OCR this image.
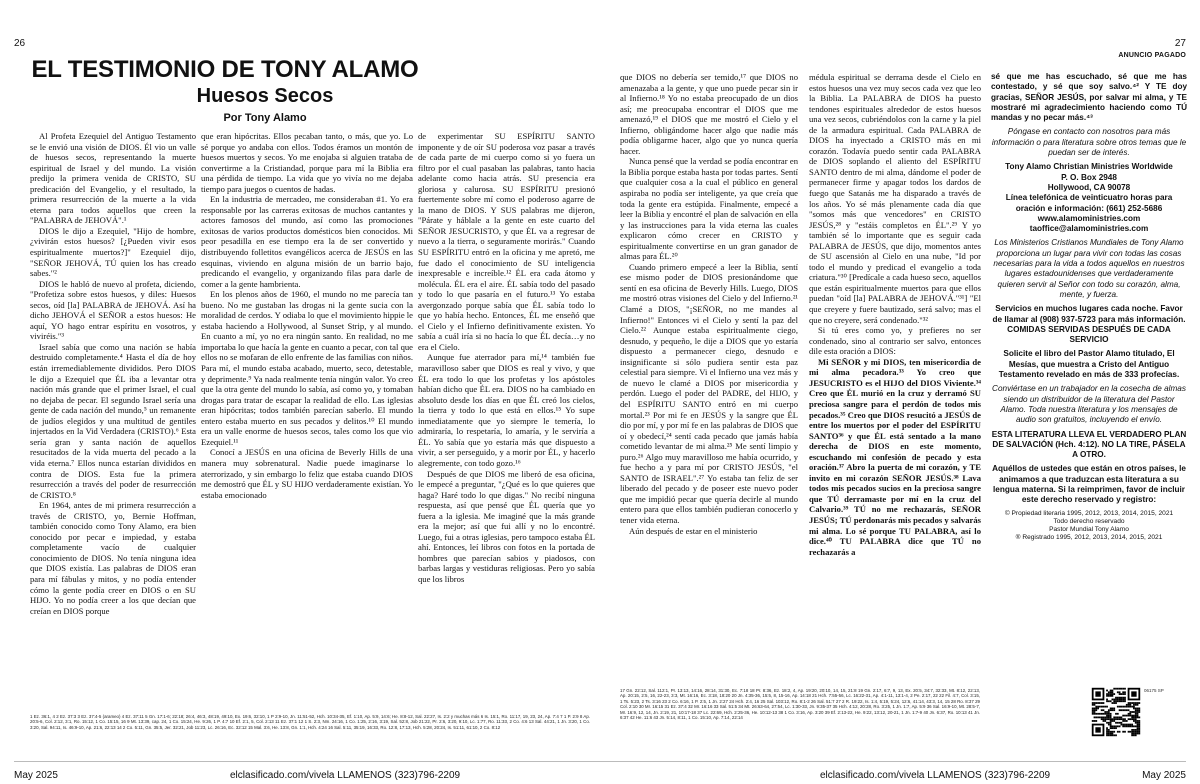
26	27
ANUNCIO PAGADO
EL TESTIMONIO DE TONY ALAMO
Huesos Secos
Por Tony Alamo

Al Profeta Ezequiel del Antiguo Testamento se le envió una visión de DIOS. Él vio un valle de huesos secos, representando la muerte espiritual de Israel y del mundo. La visión predijo la primera venida de CRISTO, SU predicación del Evangelio, y el resultado, la primera resurrección de la muerte a la vida eterna para todos aquellos que creen la "PALABRA de JEHOVÁ".¹

DIOS le dijo a Ezequiel, "Hijo de hombre, ¿vivirán estos huesos? [¿Pueden vivir esos espiritualmente muertos?]" Ezequiel dijo, "SEÑOR JEHOVÁ, TÚ quien los has creado sabes."²

DIOS le habló de nuevo al profeta, diciendo, "Profetiza sobre estos huesos, y diles: Huesos secos, oíd [la] PALABRA de JEHOVÁ. Así ha dicho JEHOVÁ el SEÑOR a estos huesos: He aquí, YO hago entrar espíritu en vosotros, y viviréis."³

Israel sabía que como una nación se había destruido completamente.⁴ Hasta el día de hoy están irremediablemente divididos. Pero DIOS le dijo a Ezequiel que ÉL iba a levantar otra nación más grande que el primer Israel, el cual no dejaba de pecar. El segundo Israel sería una gente de cada nación del mundo,⁵ un remanente de judíos elegidos y una multitud de gentiles injertados en la Vid Verdadera (CRISTO).⁶ Esta sería gran y santa nación de aquellos resucitados de la vida muerta del pecado a la vida eterna.⁷ Ellos nunca estarían divididos en contra de DIOS. Esta fue la primera resurrección a través del poder de resurrección de CRISTO.⁸

En 1964, antes de mi primera resurrección a través de CRISTO, yo, Bernie Hoffman, también conocido como Tony Alamo, era bien conocido por pecar e impiedad, y estaba completamente vacío de cualquier conocimiento de DIOS. No tenía ninguna idea que DIOS existía. Las palabras de DIOS eran para mí fábulas y mitos, y no podía entender cómo la gente podía creer en DIOS o en SU HIJO. Yo no podía creer a los que decían que creían en DIOS porque

que eran hipócritas. Ellos pecaban tanto, o más, que yo. Lo sé porque yo andaba con ellos. Todos éramos un montón de huesos muertos y secos. Yo me enojaba si alguien trataba de convertirme a la Cristiandad, porque para mí la Biblia era una pérdida de tiempo. La vida que yo vivía no me dejaba tiempo para juegos o cuentos de hadas.

En la industria de mercadeo, me consideraban #1. Yo era responsable por las carreras exitosas de muchos cantantes y actores famosos del mundo, así como las promociones exitosas de varios productos domésticos bien conocidos. Mi peor pesadilla en ese tiempo era la de ser convertido y distribuyendo folletitos evangélicos acerca de JESÚS en las esquinas, viviendo en alguna misión de un barrio bajo, predicando el evangelio, y organizando filas para darle de comer a la gente hambrienta.

En los plenos años de 1960, el mundo no me parecía tan bueno. No me gustaban las drogas ni la gente sucia con la moralidad de cerdos. Y odiaba lo que el movimiento hippie le estaba haciendo a Hollywood, al Sunset Strip, y al mundo. En cuanto a mí, yo no era ningún santo. En realidad, no me importaba lo que hacía la gente en cuanto a pecar, con tal que ellos no se mofaran de ello enfrente de las familias con niños. Para mí, el mundo estaba acabado, muerto, seco, detestable, y deprimente.⁹ Ya nada realmente tenía ningún valor. Yo creo que la otra gente del mundo lo sabía, así como yo, y tomaban drogas para tratar de escapar la realidad de ello. Las iglesias eran hipócritas; todos también parecían saberlo. El mundo entero estaba muerto en sus pecados y delitos.¹⁰ El mundo era un valle enorme de huesos secos, tales como los que vio Ezequiel.¹¹

Conocí a JESÚS en una oficina de Beverly Hills de una manera muy sobrenatural. Nadie puede imaginarse lo aterrorizado, y sin embargo lo feliz que estaba cuando DIOS me demostró que ÉL y SU HIJO verdaderamente existían. Yo estaba emocionado

de experimentar SU ESPÍRITU SANTO imponente y de oír SU poderosa voz pasar a través de cada parte de mi cuerpo como si yo fuera un filtro por el cual pasaban las palabras, tanto hacia adelante como hacia atrás. SU presencia era gloriosa y calurosa. SU ESPÍRITU presionó fuertemente sobre mí como el poderoso agarre de la mano de DIOS. Y SUS palabras me dijeron, "Párate y háblale a la gente en este cuarto del SEÑOR JESUCRISTO, y que ÉL va a regresar de nuevo a la tierra, o seguramente morirás." Cuando SU ESPÍRITU entró en la oficina y me apretó, me fue dado el conocimiento de SU inteligencia inexpresable e increíble.¹² ÉL era cada átomo y molécula. ÉL era el aire. ÉL sabía todo del pasado y todo lo que pasaría en el futuro.¹³ Yo estaba avergonzado porque sabía que ÉL sabía todo lo que yo había hecho. Entonces, ÉL me enseñó que el Cielo y el Infierno definitivamente existen. Yo sabía a cuál iría si no hacía lo que ÉL decía…y no era el Cielo.

Aunque fue aterrador para mí,¹⁴ también fue maravilloso saber que DIOS es real y vivo, y que ÉL era todo lo que los profetas y los apóstoles habían dicho que ÉL era. DIOS no ha cambiado en absoluto desde los días en que ÉL creó los cielos, la tierra y todo lo que está en ellos.¹⁵ Yo supe inmediatamente que yo siempre le temería, lo admiraría, lo respetaría, lo amaría, y le serviría a ÉL. Yo sabía que yo estaría más que dispuesto a vivir, a ser perseguido, y a morir por ÉL, y hacerlo alegremente, con todo gozo.¹⁶

Después de que DIOS me liberó de esa oficina, le empecé a preguntar, "¿Qué es lo que quieres que haga? Haré todo lo que digas." No recibí ninguna respuesta, así que pensé que ÉL quería que yo fuera a la iglesia. Me imaginé que la más grande era la mejor; así que fui allí y no lo encontré. Luego, fui a otras iglesias, pero tampoco estaba ÉL ahí. Entonces, leí libros con fotos en la portada de hombres que parecían sabios y piadosos, con barbas largas y vestiduras religiosas. Pero yo sabía que los libros

que DIOS no debería ser temido,¹⁷ que DIOS no amenazaba a la gente, y que uno puede pecar sin ir al Infierno.¹⁸ Yo no estaba preocupado de un dios así; me preocupaba encontrar el DIOS que me amenazó,¹⁹ el DIOS que me mostró el Cielo y el Infierno, obligándome hacer algo que nadie más podía obligarme hacer, algo que yo nunca quería hacer.

Nunca pensé que la verdad se podía encontrar en la Biblia porque estaba hasta por todas partes. Sentí que cualquier cosa a la cual el público en general aspiraba no podía ser inteligente, ya que creía que toda la gente era estúpida. Finalmente, empecé a leer la Biblia y encontré el plan de salvación en ella y las instrucciones para la vida eterna las cuales explicaron cómo crecer en CRISTO y espiritualmente convertirse en un gran ganador de almas para ÉL.²⁰

Cuando primero empecé a leer la Biblia, sentí ese mismo poder de DIOS presionándome que sentí en esa oficina de Beverly Hills. Luego, DIOS me mostró otras visiones del Cielo y del Infierno.²¹ Clamé a DIOS, "¡SEÑOR, no me mandes al Infierno!" Entonces vi el Cielo y sentí la paz del Cielo.²² Aunque estaba espiritualmente ciego, desnudo, y pequeño, le dije a DIOS que yo estaría dispuesto a permanecer ciego, desnudo e insignificante si sólo pudiera sentir esta paz celestial para siempre. Vi el Infierno una vez más y de nuevo le clamé a DIOS por misericordia y perdón. Luego el poder del PADRE, del HIJO, y del ESPÍRITU SANTO entró en mi cuerpo mortal.²³ Por mi fe en JESÚS y la sangre que ÉL dio por mí, y por mí fe en las palabras de DIOS que oí y obedecí,²⁴ sentí cada pecado que jamás había cometido levantar de mi alma.²⁵ Me sentí limpio y puro.²⁶ Algo muy maravilloso me había ocurrido, y fue hecho a y para mí por CRISTO JESÚS, "el SANTO de ISRAEL".²⁷ Yo estaba tan feliz de ser liberado del pecado y de poseer este nuevo poder que me impidió pecar que quería decirle al mundo entero para que ellos también pudieran conocerlo y tener vida eterna.

Aún después de estar en el ministerio

médula espiritual se derrama desde el Cielo en estos huesos una vez muy secos cada vez que leo la Biblia. La PALABRA de DIOS ha puesto tendones espirituales alrededor de estos huesos una vez secos, cubriéndolos con la carne y la piel de la armadura espiritual. Cada PALABRA de DIOS ha inyectado a CRISTO más en mi corazón. Todavía puedo sentir cada PALABRA de DIOS soplando el aliento del ESPÍRITU SANTO dentro de mi alma, dándome el poder de permanecer firme y apagar todos los dardos de fuego que Satanás me ha disparado a través de los años. Yo sé más plenamente cada día que "somos más que vencedores" en CRISTO JESÚS,²⁸ y "estáis completos en ÉL".²⁹ Y yo también sé lo importante que es seguir cada PALABRA de JESÚS, que dijo, momentos antes de SU ascensión al Cielo en una nube, "Id por todo el mundo y predicad el evangelio a toda criatura."³⁰ [Predícale a cada hueso seco, aquellos que están espiritualmente muertos para que ellos puedan "oíd [la] PALABRA de JEHOVÁ."³¹] "El que creyere y fuere bautizado, será salvo; mas el que no creyere, será condenado."³²

Si tú eres como yo, y prefieres no ser condenado, sino al contrario ser salvo, entonces dile esta oración a DIOS:

Mi SEÑOR y mi DIOS, ten misericordia de mi alma pecadora.³³ Yo creo que JESUCRISTO es el HIJO del DIOS Viviente.³⁴ Creo que ÉL murió en la cruz y derramó SU preciosa sangre para el perdón de todos mis pecados.³⁵ Creo que DIOS resucitó a JESÚS de entre los muertos por el poder del ESPÍRITU SANTO³⁶ y que ÉL está sentado a la mano derecha de DIOS en este momento, escuchando mi confesión de pecado y esta oración.³⁷ Abro la puerta de mi corazón, y TE invito en mi corazón SEÑOR JESÚS.³⁸ Lava todos mis pecados sucios en la preciosa sangre que TÚ derramaste por mí en la cruz del Calvario.³⁹ TÚ no me rechazarás, SEÑOR JESÚS; TÚ perdonarás mis pecados y salvarás mi alma. Lo sé porque TU PALABRA, así lo dice.⁴⁰ TU PALABRA dice que TÚ no rechazarás a

sé que me has escuchado, sé que me has contestado, y sé que soy salvo.⁴² Y TE doy gracias, SEÑOR JESÚS, por salvar mi alma, y TE mostraré mi agradecimiento haciendo como TÚ mandas y no pecar más.⁴³

Póngase en contacto con nosotros para más información o para literatura sobre otros temas que le puedan ser de interés.

Tony Alamo Christian Ministries Worldwide

P. O. Box 2948

Hollywood, CA 90078

Línea telefónica de veinticuatro horas para oración e información: (661) 252-5686

www.alamoministries.com

taoffice@alamoministries.com

Los Ministerios Cristianos Mundiales de Tony Alamo proporciona un lugar para vivir con todas las cosas necesarias para la vida a todos aquellos en nuestros lugares estadounidenses que verdaderamente quieren servir al Señor con todo su corazón, alma, mente, y fuerza.

Servicios en muchos lugares cada noche. Favor de llamar al (908) 937-5723 para más información. COMIDAS SERVIDAS DESPUÉS DE CADA SERVICIO

Solicite el libro del Pastor Alamo titulado, El Mesías, que muestra a Cristo del Antiguo Testamento revelado en más de 333 profecías.

Conviértase en un trabajador en la cosecha de almas siendo un distribuidor de la literatura del Pastor Alamo. Toda nuestra literatura y los mensajes de audio son gratuitos, incluyendo el envío.

ESTA LITERATURA LLEVA EL VERDADERO PLAN DE SALVACIÓN (Hch. 4:12). NO LA TIRE, PÁSELA A OTRO.

Aquéllos de ustedes que están en otros países, le animamos a que traduzcan esta literatura a su lengua materna. Si la reimprimen, favor de incluir este derecho reservado y registro:

© Propiedad literaria 1995, 2012, 2013, 2014, 2015, 2021

Todo derecho reservado

Pastor Mundial Tony Alamo

® Registrado 1995, 2012, 2013, 2014, 2015, 2021

1 Ez. 36:1, 4 2 Ez. 37:3 3 Ez. 37:4-5 (arameo) 4 Ez. 37:11 5 Gn. 17:1-6; 22:18; 26:4, 46:3, 48:19, 49:10, Ex. 19:6, 32:10, 1 P 2:9-10, Jn. 11:51-52, Hch. 10:34-35, Ef. 1:10, Ap. 5:9, 14:6; He. 8:8-12, Sal. 22:27, Is. 2:2 y muchas más 6 Is. 15:1, Ro. 11:17, 19, 23, 24, Ap. 7:4 7 1 P. 2:9 8 Ap. 20:5-6, Col. 2:12, 3:1, Ro. 15:12, 1 Co. 15:15, 16 9 Mt. 13:39, cap. 24, 1 Co. 15:24, He. 9:26, 1 P. 4:7 10 Ef. 2:1, 5, Col. 2:13 11 Ez. 37:1 12 1 S. 2:3, Nm. 24:16, 1 Co. 1:25, 2:16, 3:19, Sal. 52:8, Job 21:22, Pr. 2:6, 3:20, 9:10, Lc. 1:77, Ro. 11:33, 2 Co. 4:6 13 Sal. 44:21, 1 Jn. 3:20, 1 Co. 3:20, Sal. 94:11, Is. 46:9-10, Ap. 21:6, 22:13 14 2 Co. 5:11, Gn. 35:5, Jer. 32:21, Job 11:23, Lc. 26:16, Ec. 32:12 15 Mal. 3:6, He. 13:8, Gn. 1:1, Hch. 4:24 16 Sal. 5:11, 35:19, 16:33, Ro. 12:8, 17:13, Hch. 5:28, 20:24, Is. 51:11, 61:10, 2 Co. 8:12
17 Gn. 22:12, Sal. 112:1, Pr. 13:13, 14:16, 28:14, 31:30, Ec. 7:18 18 Pr. 8:36, Ez. 18:2, 4, Ap. 19:20, 20:10, 14, 15, 21:8 19 Gn. 2:17, 6:7, 9, 13, Ex. 20:5, 34:7, 32:33, Mt. 8:12, 22:13, Ap. 20:15, 2:5, 16, 22-23, 3:3, Mt. 16:16, Ec. 3:18, 18:20 20 Jn. 4:35-36, 15:5, 8, 15-16, Ap. 14:18 21 Hch. 7:55-56, Lc. 16:22-31, Ap. 4:1-11, 13:1-4, 2 Pe. 2:17, 22 22 Fil. 4:7, Col. 3:15, 1 Ts. 5:23, 2 Ts. 3:16 23 2 Co. 6:16, 1 P. 2:5, 1 Jn. 2:27 24 Hch. 2:4, 16 25 Sal. 103:12, Ro. 8:1-2 26 Sal. 51:7 27 2 R. 19:22, Is. 1:4, 5:19, 5:24, 12:6, 41:14, 43:3, 14, 15 28 Ro. 8:37 29 Col. 2:10 30 Mr. 16:15 31 Ez. 37:4 32 Mr. 16:16 33 Sal. 51:5 34 Mt. 26:63-64, 27:54, Lc. 1:30-33, Jn. 9:35-37 35 Hch. 4:12, 20:28, Ro. 3:25, 1 Jn. 1:7, Ap. 5:9 36 Sal. 16:9-10, Mt. 28:5-7, Mr. 16:9, 12, 14, Jn. 2:19, 21, 10:17-18 37 Lc. 22:69, Hch. 2:25-36, He. 10:12-13 38 1 Co. 3:16, Ap. 3:20 39 Ef. 2:13-22, He. 9:22, 13:12, 20-21, 1 Jn. 1:7-9 40 Jn. 6:37, Ro. 10:13 41 Jn. 6:37 42 He. 11:6 43 Jn. 5:14, 8:11, 1 Co. 15:10, Ap. 7:14, 22:14
06175 SP
May 2025	elclasificado.com/vivela LLAMENOS (323)796-2209	elclasificado.com/vivela LLAMENOS (323)796-2209	May 2025
